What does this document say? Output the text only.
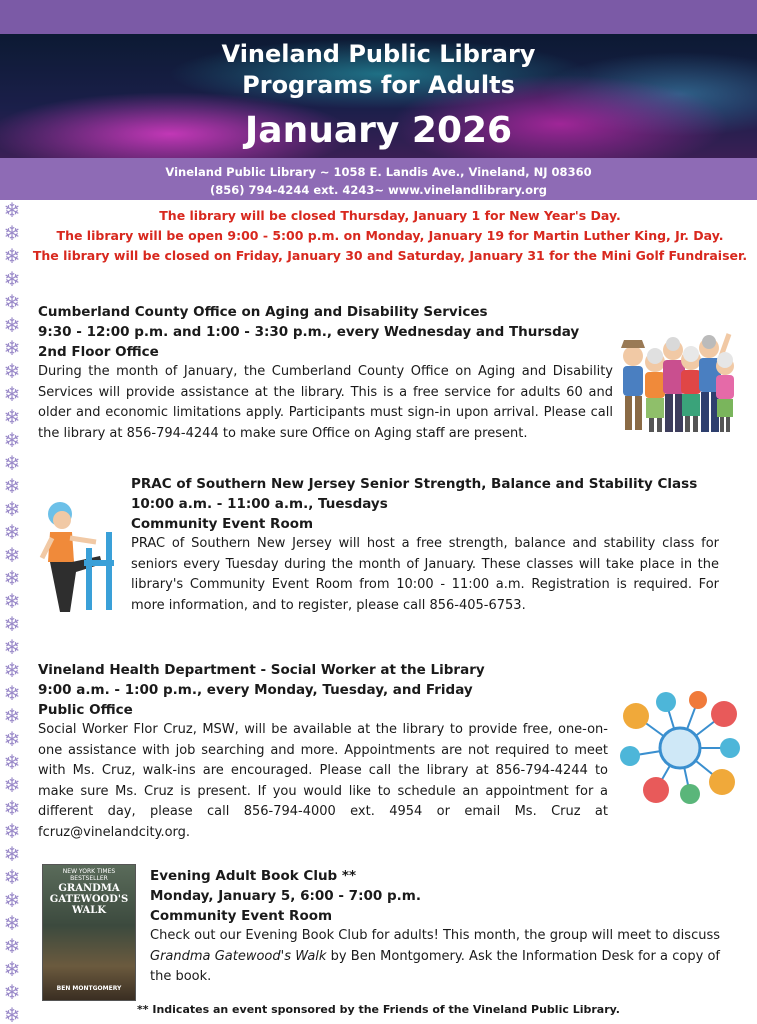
Vineland Public Library
Programs for Adults
January 2026
Vineland Public Library ~ 1058 E. Landis Ave., Vineland, NJ 08360
(856) 794-4244 ext. 4243~ www.vinelandlibrary.org
❄
❄
❄
❄
❄
❄
❄
❄
❄
❄
❄
❄
❄
❄
❄
❄
❄
❄
❄
❄
❄
❄
❄
❄
❄
❄
❄
❄
❄
❄
❄
❄
❄
❄
❄
❄
The library will be closed Thursday, January 1 for New Year's Day.
The library will be open 9:00 - 5:00 p.m. on Monday, January 19 for Martin Luther King, Jr. Day.
The library will be closed on Friday, January 30 and Saturday, January 31 for the Mini Golf Fundraiser.
Cumberland County Office on Aging and Disability Services
9:30 - 12:00 p.m. and 1:00 - 3:30 p.m., every Wednesday and Thursday
2nd Floor Office
During the month of January, the Cumberland County Office on Aging and Disability Services will provide assistance at the library. This is a free service for adults 60 and older and economic limitations apply. Participants must sign-in upon arrival. Please call the library at 856-794-4244 to make sure Office on Aging staff are present.
PRAC of Southern New Jersey Senior Strength, Balance and Stability Class
10:00 a.m. - 11:00 a.m., Tuesdays
Community Event Room
PRAC of Southern New Jersey will host a free strength, balance and stability class for seniors every Tuesday during the month of January. These classes will take place in the library's Community Event Room from 10:00 - 11:00 a.m. Registration is required. For more information, and to register, please call 856-405-6753.
Vineland Health Department - Social Worker at the Library
9:00 a.m. - 1:00 p.m., every Monday, Tuesday, and Friday
Public Office
Social Worker Flor Cruz, MSW, will be available at the library to provide free, one-on-one assistance with job searching and more. Appointments are not required to meet with Ms. Cruz, walk-ins are encouraged. Please call the library at 856-794-4244 to make sure Ms. Cruz is present. If you would like to schedule an appointment for a different day, please call 856-794-4000 ext. 4954 or email Ms. Cruz at fcruz@vinelandcity.org.
NEW YORK TIMES BESTSELLER
GRANDMA GATEWOOD'S WALK
BEN MONTGOMERY
Evening Adult Book Club **
Monday, January 5, 6:00 - 7:00 p.m.
Community Event Room
Check out our Evening Book Club for adults! This month, the group will meet to discuss Grandma Gatewood's Walk by Ben Montgomery. Ask the Information Desk for a copy of the book.
** Indicates an event sponsored by the Friends of the Vineland Public Library.
